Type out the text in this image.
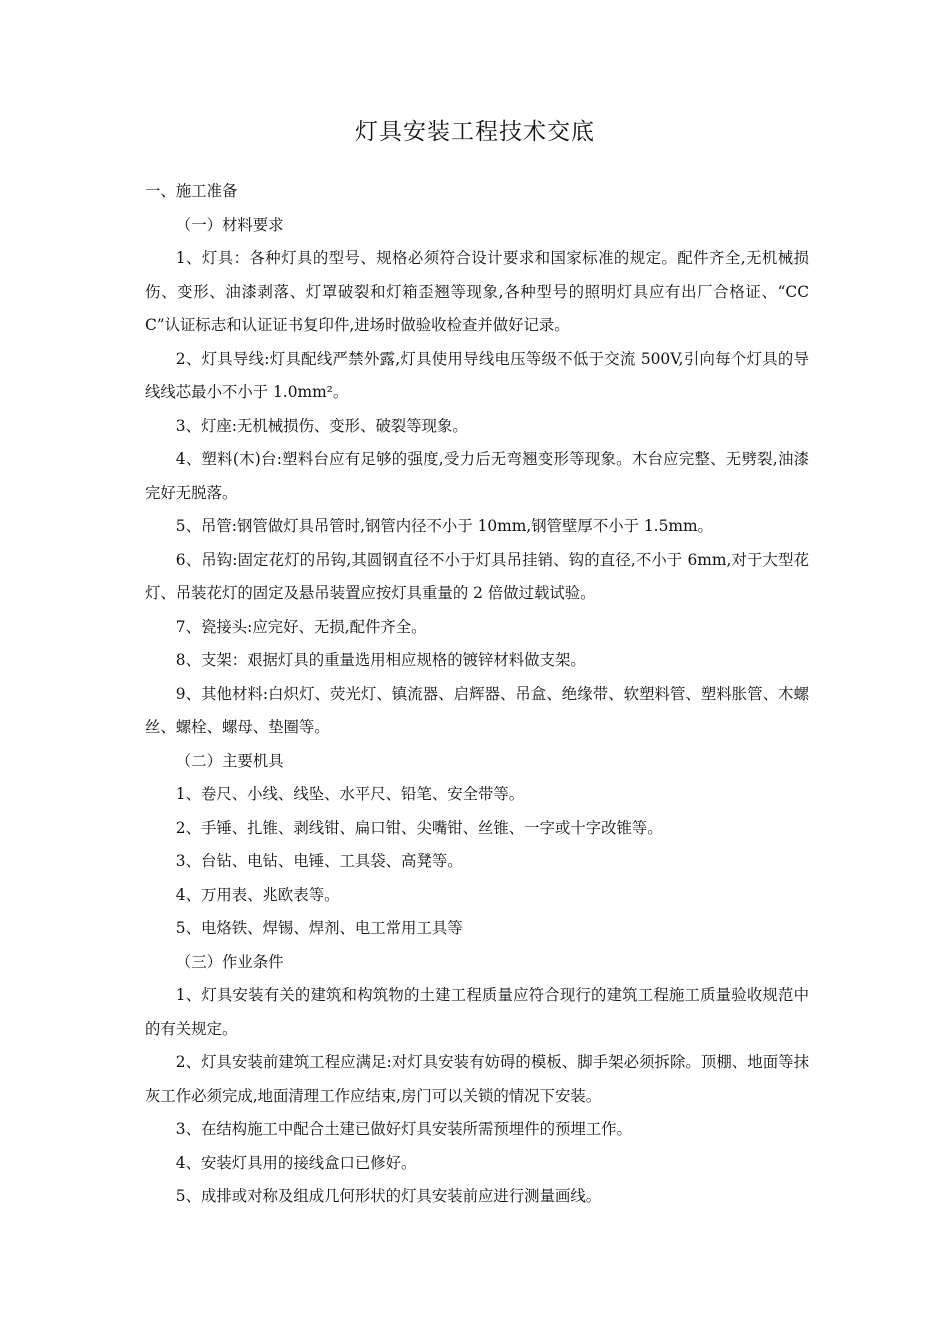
灯具安装工程技术交底

一、施工准备

（一）材料要求

1、灯具：各种灯具的型号、规格必须符合设计要求和国家标准的规定。配件齐全,无机械损伤、变形、油漆剥落、灯罩破裂和灯箱歪翘等现象,各种型号的照明灯具应有出厂合格证、“CCC”认证标志和认证证书复印件,进场时做验收检查并做好记录。

2、灯具导线:灯具配线严禁外露,灯具使用导线电压等级不低于交流 500V,引向每个灯具的导线线芯最小不小于 1.0mm²。

3、灯座:无机械损伤、变形、破裂等现象。

4、塑料(木)台:塑料台应有足够的强度,受力后无弯翘变形等现象。木台应完整、无劈裂,油漆完好无脱落。

5、吊管:钢管做灯具吊管时,钢管内径不小于 10mm,钢管壁厚不小于 1.5mm。

6、吊钩:固定花灯的吊钩,其圆钢直径不小于灯具吊挂销、钩的直径,不小于 6mm,对于大型花灯、吊装花灯的固定及悬吊装置应按灯具重量的 2 倍做过载试验。

7、瓷接头:应完好、无损,配件齐全。

8、支架：艰据灯具的重量选用相应规格的镀锌材料做支架。

9、其他材料:白炽灯、荧光灯、镇流器、启辉器、吊盒、绝缘带、软塑料管、塑料胀管、木螺丝、螺栓、螺母、垫圈等。

（二）主要机具

1、卷尺、小线、线坠、水平尺、铅笔、安全带等。

2、手锤、扎锥、剥线钳、扁口钳、尖嘴钳、丝锥、一字或十字改锥等。

3、台钻、电钻、电锤、工具袋、高凳等。

4、万用表、兆欧表等。

5、电烙铁、焊锡、焊剂、电工常用工具等

（三）作业条件

1、灯具安装有关的建筑和构筑物的土建工程质量应符合现行的建筑工程施工质量验收规范中的有关规定。

2、灯具安装前建筑工程应满足:对灯具安装有妨碍的模板、脚手架必须拆除。顶棚、地面等抹灰工作必须完成,地面清理工作应结束,房门可以关锁的情况下安装。

3、在结构施工中配合土建已做好灯具安装所需预埋件的预埋工作。

4、安装灯具用的接线盒口已修好。

5、成排或对称及组成几何形状的灯具安装前应进行测量画线。
